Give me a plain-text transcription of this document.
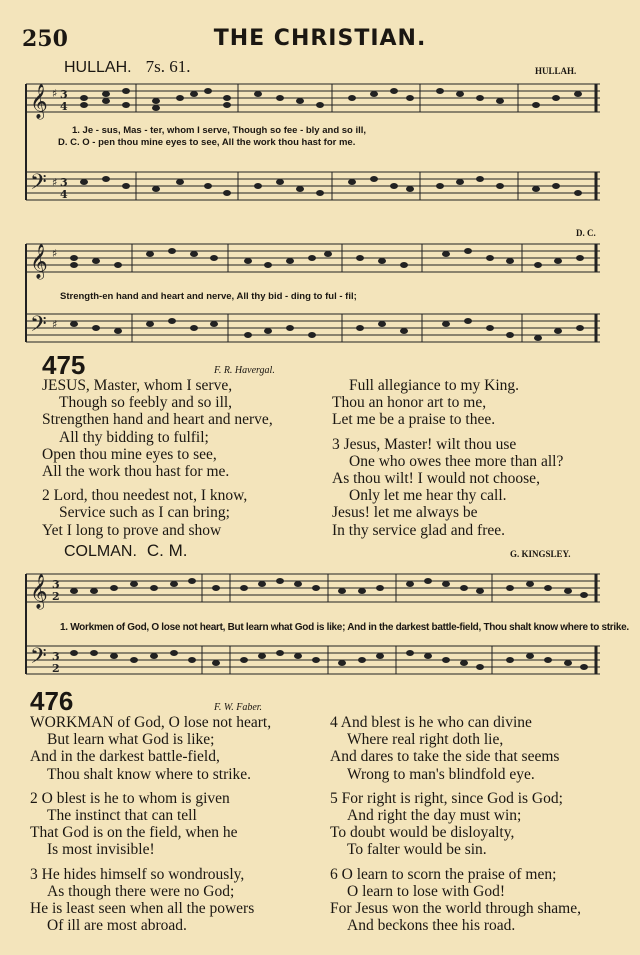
250	THE CHRISTIAN.
HULLAH. 7s. 61.	HULLAH.
𝄞
𝄢
♯
♯
3
4
3
4
1. Je - sus, Mas - ter, whom I serve, Though so fee - bly and so ill,
D. C. O - pen thou mine eyes to see, All the work thou hast for me.
D. C.
𝄞
𝄢
♯
♯
Strength-en hand and heart and nerve, All thy bid - ding to ful - fil;
475	F. R. Havergal.

JESUS, Master, whom I serve,

Though so feebly and so ill,

Strengthen hand and heart and nerve,

All thy bidding to fulfil;

Open thou mine eyes to see,

All the work thou hast for me.

2 Lord, thou needest not, I know,

Service such as I can bring;

Yet I long to prove and show

Full allegiance to my King.

Thou an honor art to me,

Let me be a praise to thee.

3 Jesus, Master! wilt thou use

One who owes thee more than all?

As thou wilt! I would not choose,

Only let me hear thy call.

Jesus! let me always be

In thy service glad and free.

COLMAN. C. M.	G. KINGSLEY.
𝄞
𝄢
3
2
3
2
1. Workmen of God, O lose not heart, But learn what God is like; And in the darkest battle-field, Thou shalt know where to strike.
476	F. W. Faber.

WORKMAN of God, O lose not heart,

But learn what God is like;

And in the darkest battle-field,

Thou shalt know where to strike.

2 O blest is he to whom is given

The instinct that can tell

That God is on the field, when he

Is most invisible!

3 He hides himself so wondrously,

As though there were no God;

He is least seen when all the powers

Of ill are most abroad.

4 And blest is he who can divine

Where real right doth lie,

And dares to take the side that seems

Wrong to man's blindfold eye.

5 For right is right, since God is God;

And right the day must win;

To doubt would be disloyalty,

To falter would be sin.

6 O learn to scorn the praise of men;

O learn to lose with God!

For Jesus won the world through shame,

And beckons thee his road.
